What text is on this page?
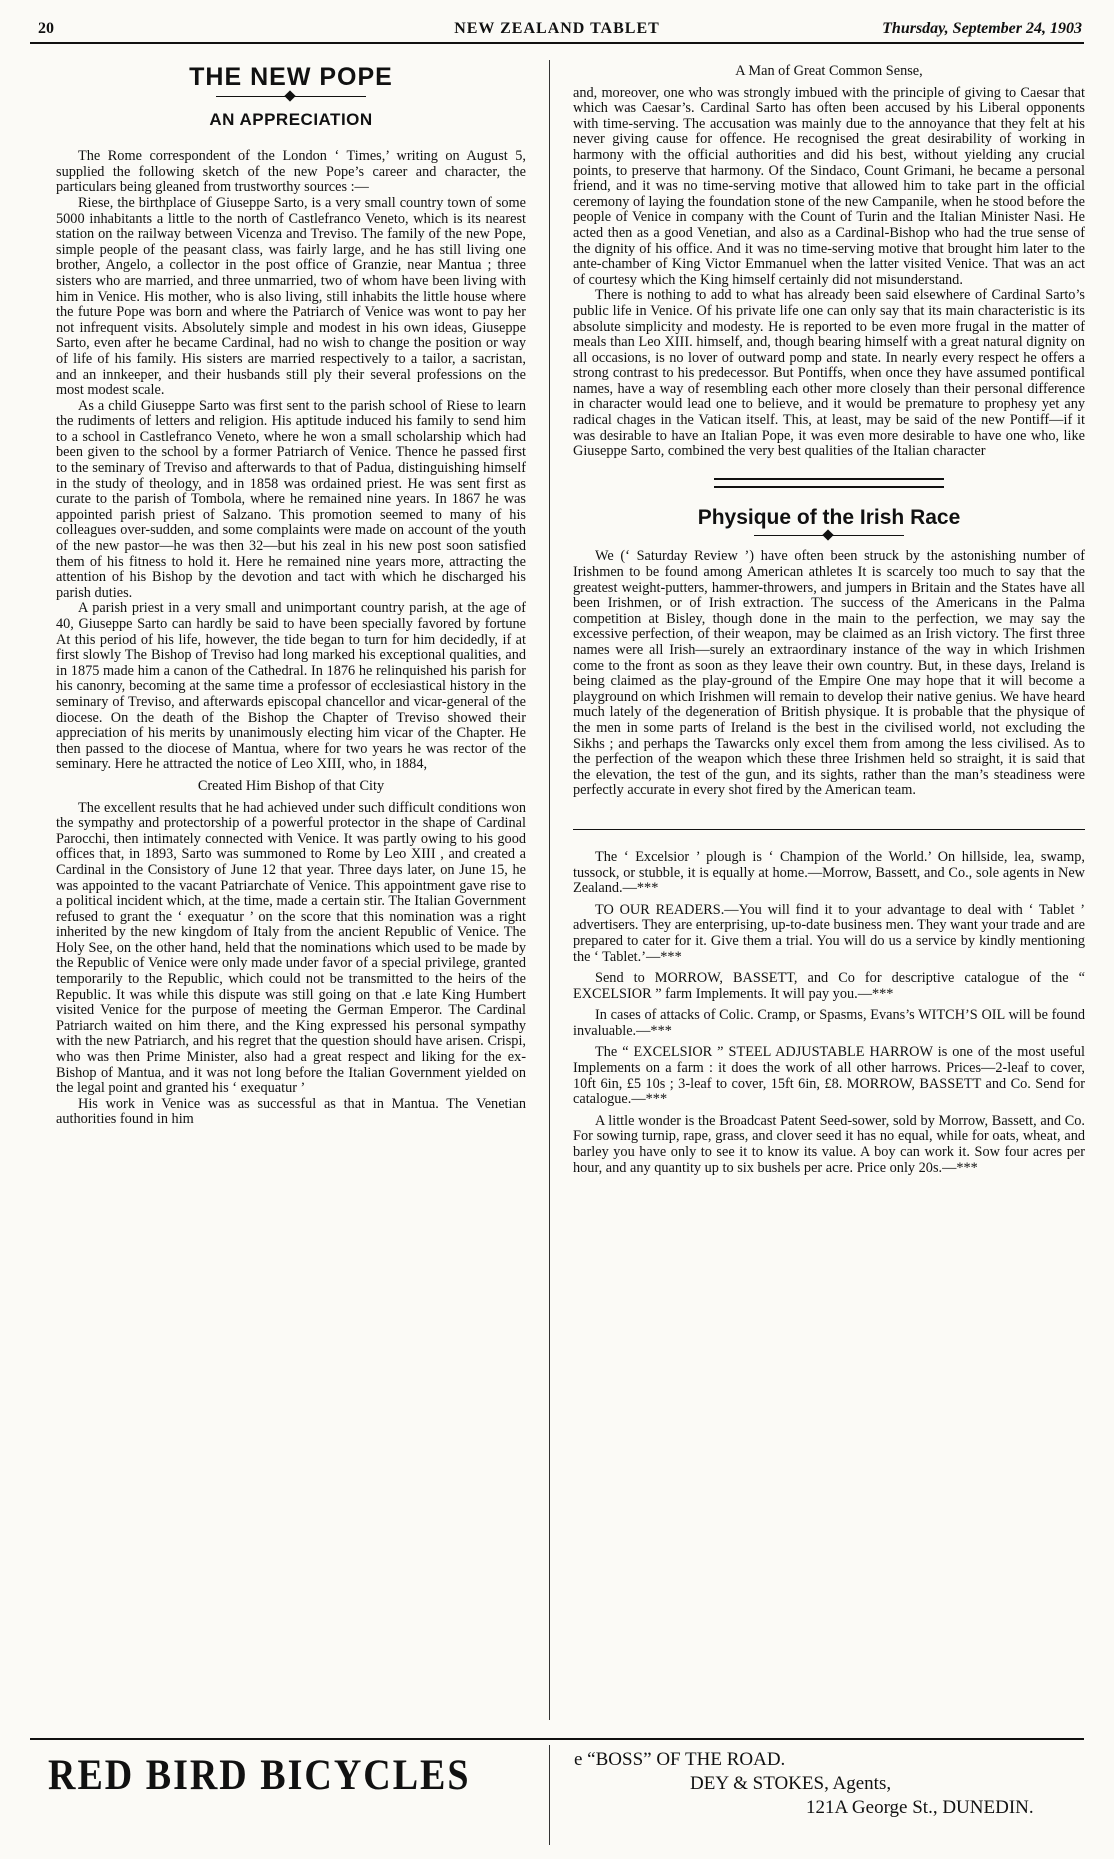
20	NEW ZEALAND TABLET	Thursday, September 24, 1903
THE NEW POPE
AN APPRECIATION

The Rome correspondent of the London ‘ Times,’ writing on August 5, supplied the following sketch of the new Pope’s career and character, the particulars being gleaned from trustworthy sources :—

Riese, the birthplace of Giuseppe Sarto, is a very small country town of some 5000 inhabitants a little to the north of Castlefranco Veneto, which is its nearest station on the railway between Vicenza and Treviso. The family of the new Pope, simple people of the peasant class, was fairly large, and he has still living one brother, Angelo, a collector in the post office of Granzie, near Mantua ; three sisters who are married, and three unmarried, two of whom have been living with him in Venice. His mother, who is also living, still inhabits the little house where the future Pope was born and where the Patriarch of Venice was wont to pay her not infrequent visits. Absolutely simple and modest in his own ideas, Giuseppe Sarto, even after he became Cardinal, had no wish to change the position or way of life of his family. His sisters are married respectively to a tailor, a sacristan, and an innkeeper, and their husbands still ply their several professions on the most modest scale.

As a child Giuseppe Sarto was first sent to the parish school of Riese to learn the rudiments of letters and religion. His aptitude induced his family to send him to a school in Castlefranco Veneto, where he won a small scholarship which had been given to the school by a former Patriarch of Venice. Thence he passed first to the seminary of Treviso and afterwards to that of Padua, distinguishing himself in the study of theology, and in 1858 was ordained priest. He was sent first as curate to the parish of Tombola, where he remained nine years. In 1867 he was appointed parish priest of Salzano. This promotion seemed to many of his colleagues over-sudden, and some complaints were made on account of the youth of the new pastor—he was then 32—but his zeal in his new post soon satisfied them of his fitness to hold it. Here he remained nine years more, attracting the attention of his Bishop by the devotion and tact with which he discharged his parish duties.

A parish priest in a very small and unimportant country parish, at the age of 40, Giuseppe Sarto can hardly be said to have been specially favored by fortune At this period of his life, however, the tide began to turn for him decidedly, if at first slowly The Bishop of Treviso had long marked his exceptional qualities, and in 1875 made him a canon of the Cathedral. In 1876 he relinquished his parish for his canonry, becoming at the same time a professor of ecclesiastical history in the seminary of Treviso, and afterwards episcopal chancellor and vicar-general of the diocese. On the death of the Bishop the Chapter of Treviso showed their appreciation of his merits by unanimously electing him vicar of the Chapter. He then passed to the diocese of Mantua, where for two years he was rector of the seminary. Here he attracted the notice of Leo XIII, who, in 1884,

Created Him Bishop of that City

The excellent results that he had achieved under such difficult conditions won the sympathy and protectorship of a powerful protector in the shape of Cardinal Parocchi, then intimately connected with Venice. It was partly owing to his good offices that, in 1893, Sarto was summoned to Rome by Leo XIII , and created a Cardinal in the Consistory of June 12 that year. Three days later, on June 15, he was appointed to the vacant Patriarchate of Venice. This appointment gave rise to a political incident which, at the time, made a certain stir. The Italian Government refused to grant the ‘ exequatur ’ on the score that this nomination was a right inherited by the new kingdom of Italy from the ancient Republic of Venice. The Holy See, on the other hand, held that the nominations which used to be made by the Republic of Venice were only made under favor of a special privilege, granted temporarily to the Republic, which could not be transmitted to the heirs of the Republic. It was while this dispute was still going on that .e late King Humbert visited Venice for the purpose of meeting the German Emperor. The Cardinal Patriarch waited on him there, and the King expressed his personal sympathy with the new Patriarch, and his regret that the question should have arisen. Crispi, who was then Prime Minister, also had a great respect and liking for the ex-Bishop of Mantua, and it was not long before the Italian Government yielded on the legal point and granted his ‘ exequatur ’

His work in Venice was as successful as that in Mantua. The Venetian authorities found in him

A Man of Great Common Sense,

and, moreover, one who was strongly imbued with the principle of giving to Caesar that which was Caesar’s. Cardinal Sarto has often been accused by his Liberal opponents with time-serving. The accusation was mainly due to the annoyance that they felt at his never giving cause for offence. He recognised the great desirability of working in harmony with the official authorities and did his best, without yielding any crucial points, to preserve that harmony. Of the Sindaco, Count Grimani, he became a personal friend, and it was no time-serving motive that allowed him to take part in the official ceremony of laying the foundation stone of the new Campanile, when he stood before the people of Venice in company with the Count of Turin and the Italian Minister Nasi. He acted then as a good Venetian, and also as a Cardinal-Bishop who had the true sense of the dignity of his office. And it was no time-serving motive that brought him later to the ante-chamber of King Victor Emmanuel when the latter visited Venice. That was an act of courtesy which the King himself certainly did not misunderstand.

There is nothing to add to what has already been said elsewhere of Cardinal Sarto’s public life in Venice. Of his private life one can only say that its main characteristic is its absolute simplicity and modesty. He is reported to be even more frugal in the matter of meals than Leo XIII. himself, and, though bearing himself with a great natural dignity on all occasions, is no lover of outward pomp and state. In nearly every respect he offers a strong contrast to his predecessor. But Pontiffs, when once they have assumed pontifical names, have a way of resembling each other more closely than their personal difference in character would lead one to believe, and it would be premature to prophesy yet any radical chages in the Vatican itself. This, at least, may be said of the new Pontiff—if it was desirable to have an Italian Pope, it was even more desirable to have one who, like Giuseppe Sarto, combined the very best qualities of the Italian character

Physique of the Irish Race

We (‘ Saturday Review ’) have often been struck by the astonishing number of Irishmen to be found among American athletes It is scarcely too much to say that the greatest weight-putters, hammer-throwers, and jumpers in Britain and the States have all been Irishmen, or of Irish extraction. The success of the Americans in the Palma competition at Bisley, though done in the main to the perfection, we may say the excessive perfection, of their weapon, may be claimed as an Irish victory. The first three names were all Irish—surely an extraordinary instance of the way in which Irishmen come to the front as soon as they leave their own country. But, in these days, Ireland is being claimed as the play-ground of the Empire One may hope that it will become a playground on which Irishmen will remain to develop their native genius. We have heard much lately of the degeneration of British physique. It is probable that the physique of the men in some parts of Ireland is the best in the civilised world, not excluding the Sikhs ; and perhaps the Tawarcks only excel them from among the less civilised. As to the perfection of the weapon which these three Irishmen held so straight, it is said that the elevation, the test of the gun, and its sights, rather than the man’s steadiness were perfectly accurate in every shot fired by the American team.

The ‘ Excelsior ’ plough is ‘ Champion of the World.’ On hillside, lea, swamp, tussock, or stubble, it is equally at home.—Morrow, Bassett, and Co., sole agents in New Zealand.—***

TO OUR READERS.—You will find it to your advantage to deal with ‘ Tablet ’ advertisers. They are enterprising, up-to-date business men. They want your trade and are prepared to cater for it. Give them a trial. You will do us a service by kindly mentioning the ‘ Tablet.’—***

Send to MORROW, BASSETT, and Co for descriptive catalogue of the “ EXCELSIOR ” farm Implements. It will pay you.—***

In cases of attacks of Colic. Cramp, or Spasms, Evans’s WITCH’S OIL will be found invaluable.—***

The “ EXCELSIOR ” STEEL ADJUSTABLE HARROW is one of the most useful Implements on a farm : it does the work of all other harrows. Prices—2-leaf to cover, 10ft 6in, £5 10s ; 3-leaf to cover, 15ft 6in, £8. MORROW, BASSETT and Co. Send for catalogue.—***

A little wonder is the Broadcast Patent Seed-sower, sold by Morrow, Bassett, and Co. For sowing turnip, rape, grass, and clover seed it has no equal, while for oats, wheat, and barley you have only to see it to know its value. A boy can work it. Sow four acres per hour, and any quantity up to six bushels per acre. Price only 20s.—***

RED BIRD BICYCLES	e “BOSS” OF THE ROAD.
DEY & STOKES, Agents,
121A George St., DUNEDIN.
